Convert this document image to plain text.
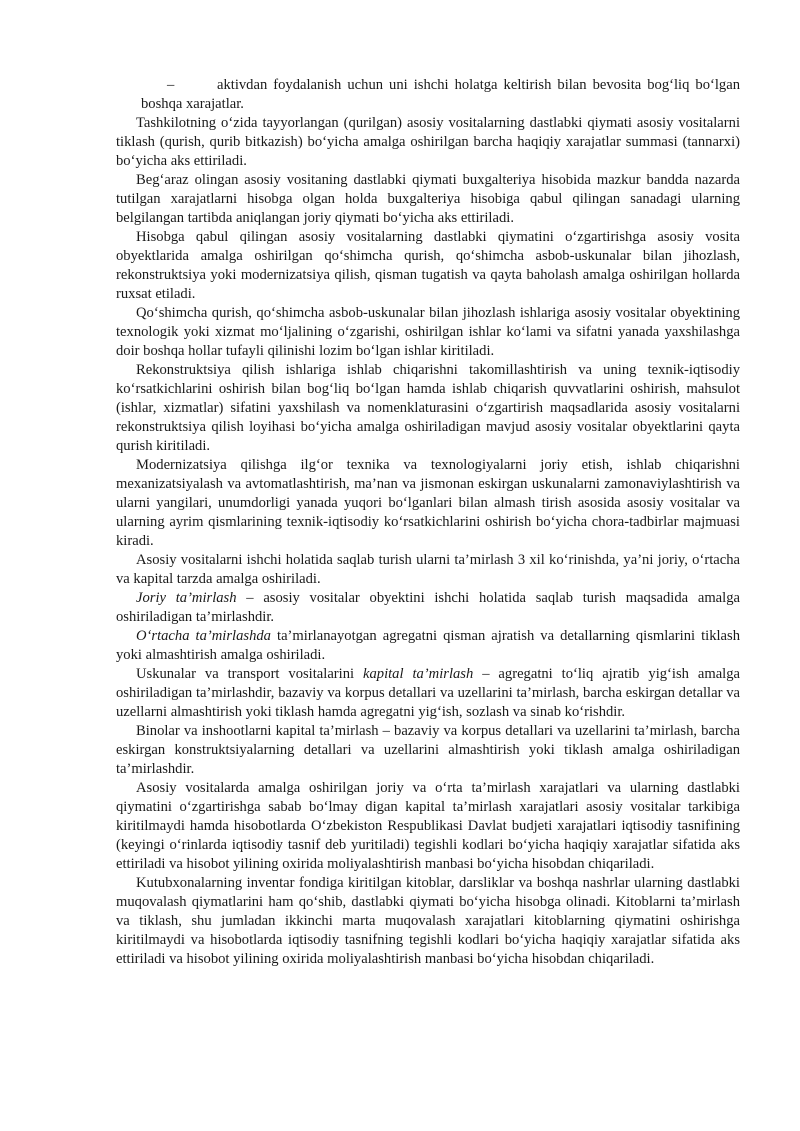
–	aktivdan foydalanish uchun uni ishchi holatga keltirish bilan bevosita bog‘liq bo‘lgan boshqa xarajatlar.

Tashkilotning o‘zida tayyorlangan (qurilgan) asosiy vositalarning dastlabki qiymati asosiy vositalarni tiklash (qurish, qurib bitkazish) bo‘yicha amalga oshirilgan barcha haqiqiy xarajatlar summasi (tannarxi) bo‘yicha aks ettiriladi.

Beg‘araz olingan asosiy vositaning dastlabki qiymati buxgalteriya hisobida mazkur bandda nazarda tutilgan xarajatlarni hisobga olgan holda buxgalteriya hisobiga qabul qilingan sanadagi ularning belgilangan tartibda aniqlangan joriy qiymati bo‘yicha aks ettiriladi.

Hisobga qabul qilingan asosiy vositalarning dastlabki qiymatini o‘zgartirishga asosiy vosita obyektlarida amalga oshirilgan qo‘shimcha qurish, qo‘shimcha asbob-uskunalar bilan jihozlash, rekonstruktsiya yoki modernizatsiya qilish, qisman tugatish va qayta baholash amalga oshirilgan hollarda ruxsat etiladi.

Qo‘shimcha qurish, qo‘shimcha asbob-uskunalar bilan jihozlash ishlariga asosiy vositalar obyektining texnologik yoki xizmat mo‘ljalining o‘zgarishi, oshirilgan ishlar ko‘lami va sifatni yanada yaxshilashga doir boshqa hollar tufayli qilinishi lozim bo‘lgan ishlar kiritiladi.

Rekonstruktsiya qilish ishlariga ishlab chiqarishni takomillashtirish va uning texnik-iqtisodiy ko‘rsatkichlarini oshirish bilan bog‘liq bo‘lgan hamda ishlab chiqarish quvvatlarini oshirish, mahsulot (ishlar, xizmatlar) sifatini yaxshilash va nomenklaturasini o‘zgartirish maqsadlarida asosiy vositalarni rekonstruktsiya qilish loyihasi bo‘yicha amalga oshiriladigan mavjud asosiy vositalar obyektlarini qayta qurish kiritiladi.

Modernizatsiya qilishga ilg‘or texnika va texnologiyalarni joriy etish, ishlab chiqarishni mexanizatsiyalash va avtomatlashtirish, ma’nan va jismonan eskirgan uskunalarni zamonaviylashtirish va ularni yangilari, unumdorligi yanada yuqori bo‘lganlari bilan almash tirish asosida asosiy vositalar va ularning ayrim qismlarining texnik-iqtisodiy ko‘rsatkichlarini oshirish bo‘yicha chora-tadbirlar majmuasi kiradi.

Asosiy vositalarni ishchi holatida saqlab turish ularni ta’mirlash 3 xil ko‘rinishda, ya’ni joriy, o‘rtacha va kapital tarzda amalga oshiriladi.

Joriy ta’mirlash – asosiy vositalar obyektini ishchi holatida saqlab turish maqsadida amalga oshiriladigan ta’mirlashdir.

O‘rtacha ta’mirlashda ta’mirlanayotgan agregatni qisman ajratish va detallarning qismlarini tiklash yoki almashtirish amalga oshiriladi.

Uskunalar va transport vositalarini kapital ta’mirlash – agregatni to‘liq ajratib yig‘ish amalga oshiriladigan ta’mirlashdir, bazaviy va korpus detallari va uzellarini ta’mirlash, barcha eskirgan detallar va uzellarni almashtirish yoki tiklash hamda agregatni yig‘ish, sozlash va sinab ko‘rishdir.

Binolar va inshootlarni kapital ta’mirlash – bazaviy va korpus detallari va uzellarini ta’mirlash, barcha eskirgan konstruktsiyalarning detallari va uzellarini almashtirish yoki tiklash amalga oshiriladigan ta’mirlashdir.

Asosiy vositalarda amalga oshirilgan joriy va o‘rta ta’mirlash xarajatlari va ularning dastlabki qiymatini o‘zgartirishga sabab bo‘lmay digan kapital ta’mirlash xarajatlari asosiy vositalar tarkibiga kiritilmaydi hamda hisobotlarda O‘zbekiston Respublikasi Davlat budjeti xarajatlari iqtisodiy tasnifining (keyingi o‘rinlarda iqtisodiy tasnif deb yuritiladi) tegishli kodlari bo‘yicha haqiqiy xarajatlar sifatida aks ettiriladi va hisobot yilining oxirida moliyalashtirish manbasi bo‘yicha hisobdan chiqariladi.

Kutubxonalarning inventar fondiga kiritilgan kitoblar, darsliklar va boshqa nashrlar ularning dastlabki muqovalash qiymatlarini ham qo‘shib, dastlabki qiymati bo‘yicha hisobga olinadi. Kitoblarni ta’mirlash va tiklash, shu jumladan ikkinchi marta muqovalash xarajatlari kitoblarning qiymatini oshirishga kiritilmaydi va hisobotlarda iqtisodiy tasnifning tegishli kodlari bo‘yicha haqiqiy xarajatlar sifatida aks ettiriladi va hisobot yilining oxirida moliyalashtirish manbasi bo‘yicha hisobdan chiqariladi.
